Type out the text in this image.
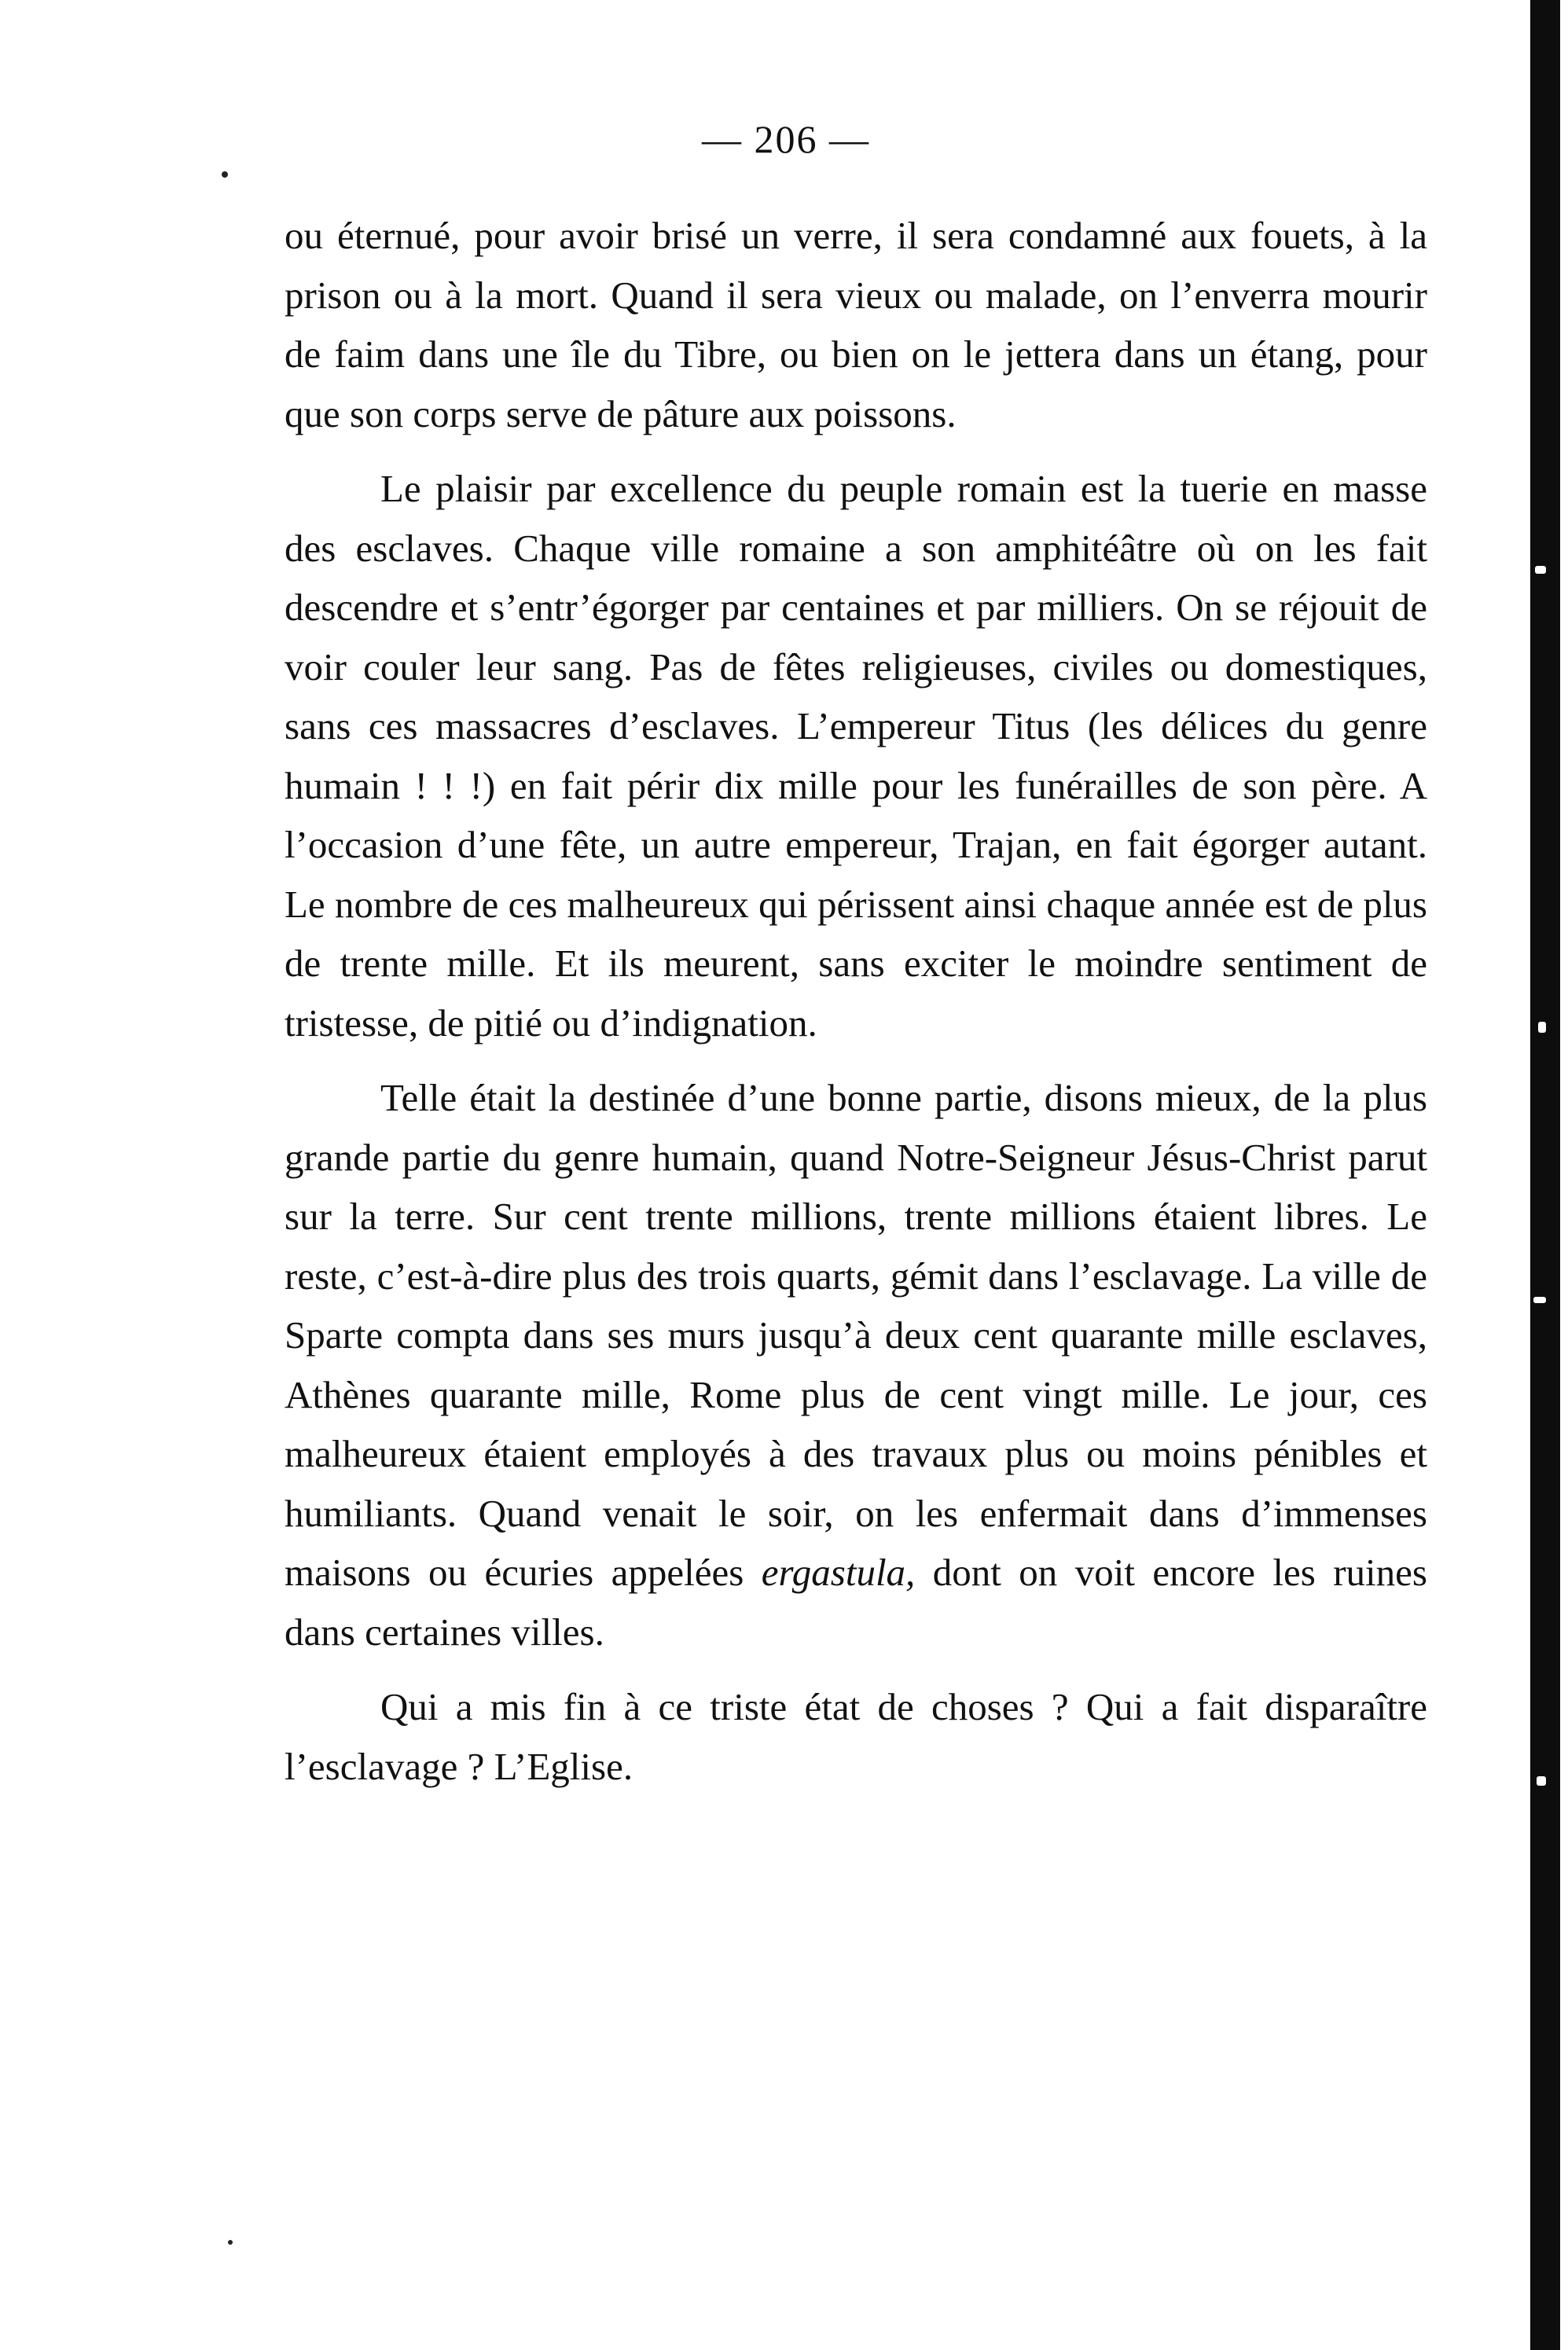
— 206 —

ou éternué, pour avoir brisé un verre, il sera condamné aux fouets, à la prison ou à la mort. Quand il sera vieux ou malade, on l’enverra mourir de faim dans une île du Tibre, ou bien on le jettera dans un étang, pour que son corps serve de pâture aux poissons.

Le plaisir par excellence du peuple romain est la tuerie en masse des esclaves. Chaque ville romaine a son amphitéâtre où on les fait descendre et s’entr’égorger par centaines et par milliers. On se réjouit de voir couler leur sang. Pas de fêtes religieuses, civiles ou domestiques, sans ces massacres d’esclaves. L’empereur Titus (les délices du genre humain ! ! !) en fait périr dix mille pour les funérailles de son père. A l’occasion d’une fête, un autre empereur, Trajan, en fait égorger autant. Le nombre de ces malheureux qui périssent ainsi chaque année est de plus de trente mille. Et ils meurent, sans exciter le moindre sentiment de tristesse, de pitié ou d’indignation.

Telle était la destinée d’une bonne partie, disons mieux, de la plus grande partie du genre humain, quand Notre-Seigneur Jésus-Christ parut sur la terre. Sur cent trente millions, trente millions étaient libres. Le reste, c’est-à-dire plus des trois quarts, gémit dans l’esclavage. La ville de Sparte compta dans ses murs jusqu’à deux cent quarante mille esclaves, Athènes quarante mille, Rome plus de cent vingt mille. Le jour, ces malheureux étaient employés à des travaux plus ou moins pénibles et humiliants. Quand venait le soir, on les enfermait dans d’immenses maisons ou écuries appelées ergastula, dont on voit encore les ruines dans certaines villes.

Qui a mis fin à ce triste état de choses ? Qui a fait disparaître l’esclavage ? L’Eglise.
